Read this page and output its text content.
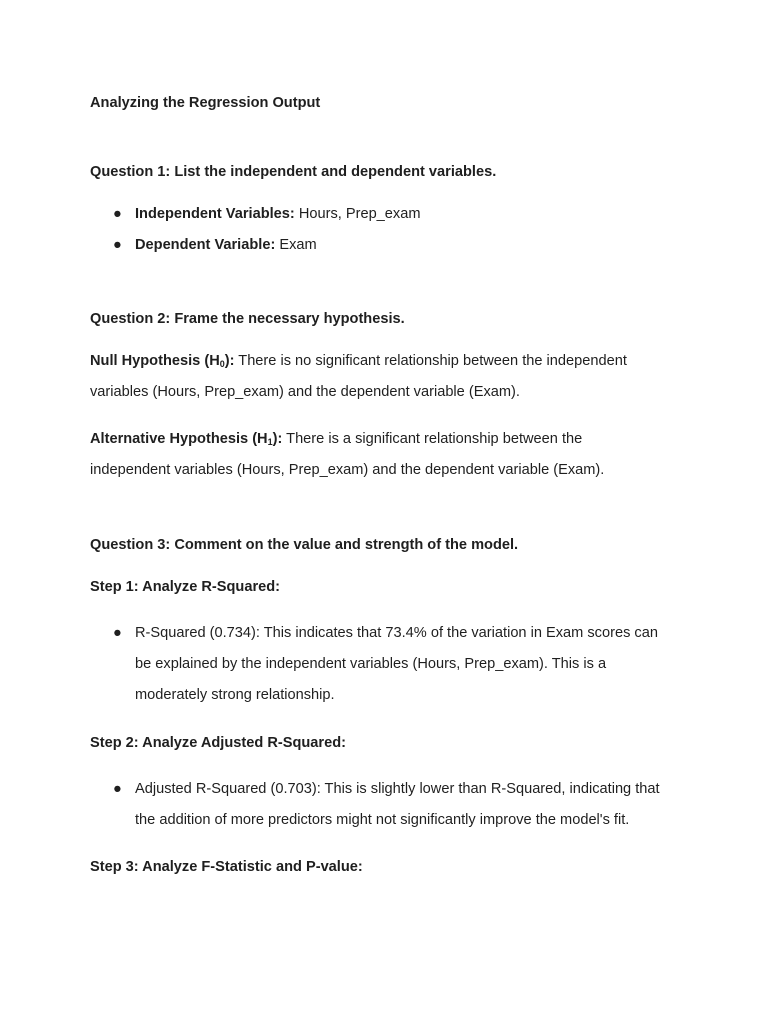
Analyzing the Regression Output
Question 1: List the independent and dependent variables.
● Independent Variables: Hours, Prep_exam
● Dependent Variable: Exam
Question 2: Frame the necessary hypothesis.
Null Hypothesis $(H_0)$: There is no significant relationship between the independent
variables (Hours, Prep_exam) and the dependent variable (Exam).
Alternative Hypothesis $(H_1)$: There is a significant relationship between the
independent variables (Hours, Prep_exam) and the dependent variable (Exam).
Question 3: Comment on the value and strength of the model.
Step 1: Analyze R-Squared:
● R-Squared (0.734): This indicates that 73.4% of the variation in Exam scores can
be explained by the independent variables (Hours, Prep_exam). This is a
moderately strong relationship.
Step 2: Analyze Adjusted R-Squared:
● Adjusted R-Squared (0.703): This is slightly lower than R-Squared, indicating that
the addition of more predictors might not significantly improve the model's fit.
Step 3: Analyze F-Statistic and P-value:
